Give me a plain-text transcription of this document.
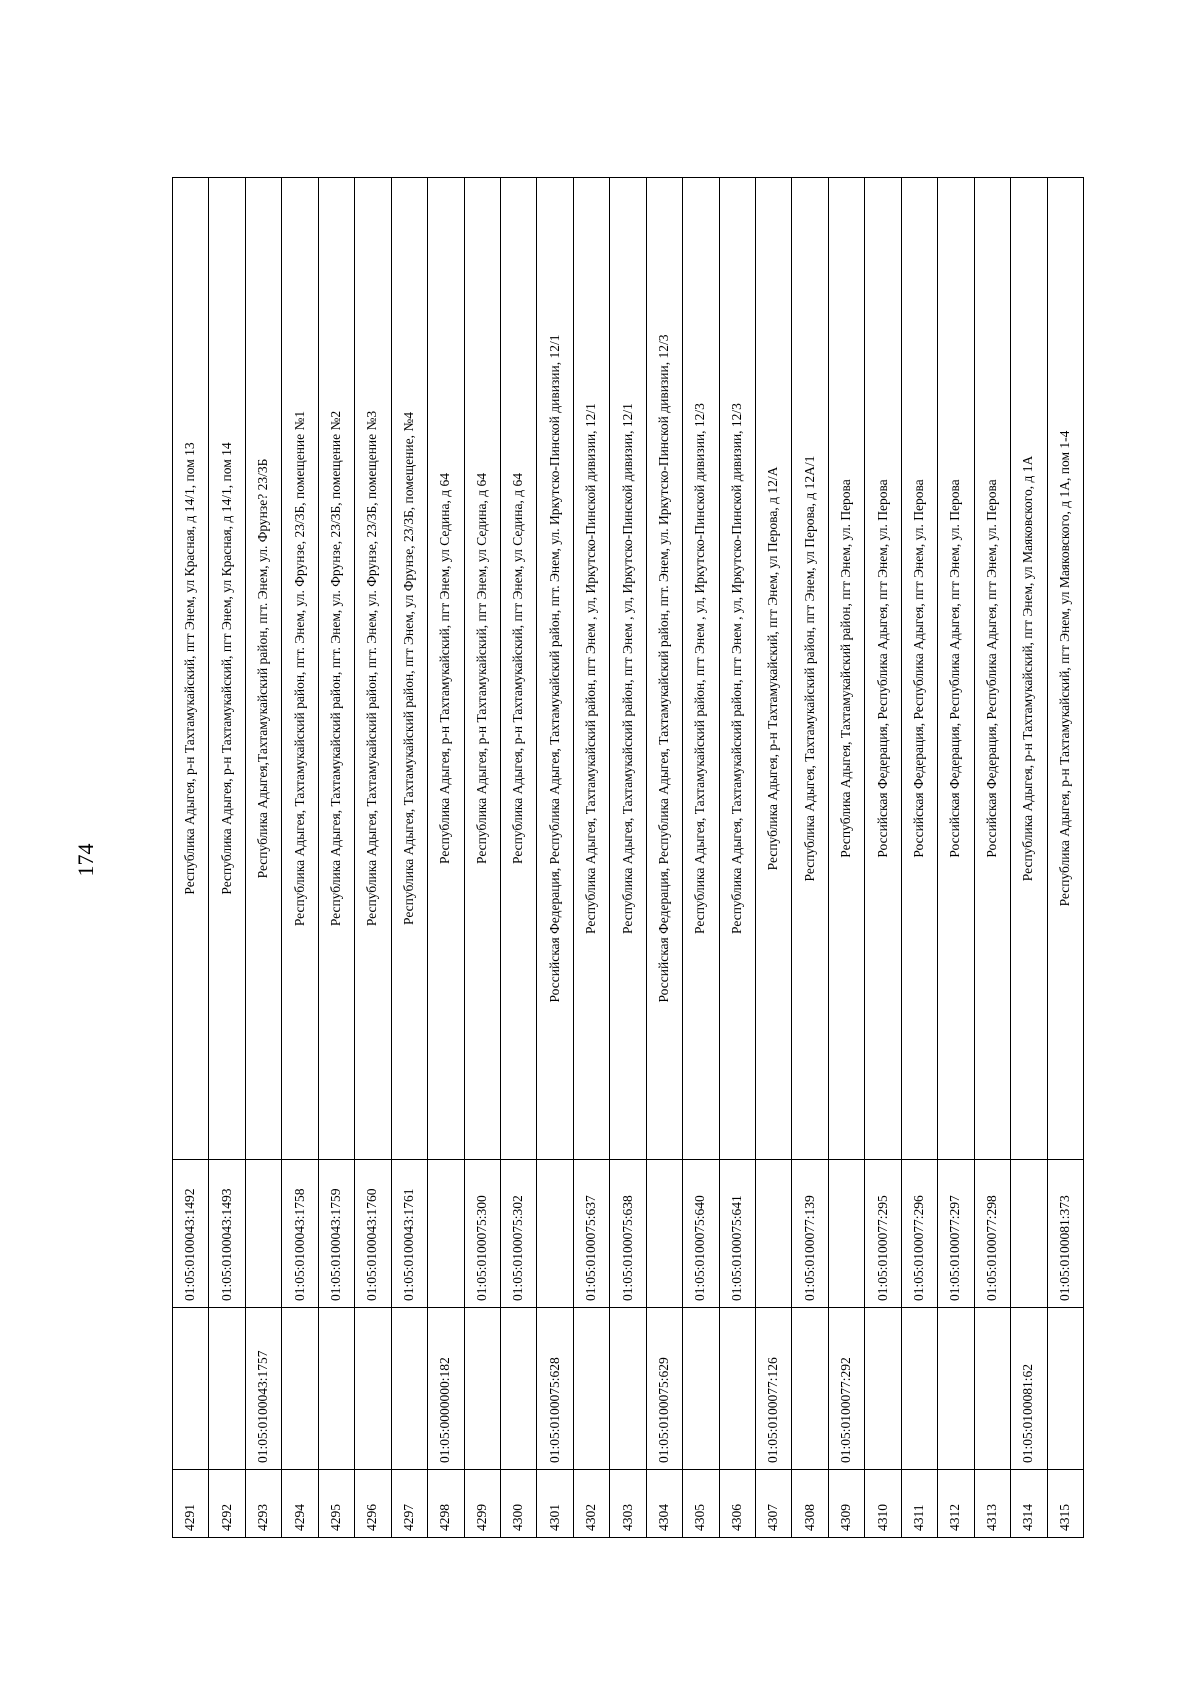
174
4291		01:05:0100043:1492	Республика Адыгея, р-н Тахтамукайский, пгт Энем, ул Красная, д 14/1, пом 13
4292		01:05:0100043:1493	Республика Адыгея, р-н Тахтамукайский, пгт Энем, ул Красная, д 14/1, пом 14
4293	01:05:0100043:1757		Республика Адыгея,Тахтамукайский район, пгт. Энем, ул. Фрунзе? 23/3Б
4294		01:05:0100043:1758	Республика Адыгея, Тахтамукайский район, пгт. Энем, ул. Фрунзе, 23/3Б, помещение №1
4295		01:05:0100043:1759	Республика Адыгея, Тахтамукайский район, пгт. Энем, ул. Фрунзе, 23/3Б, помещение №2
4296		01:05:0100043:1760	Республика Адыгея, Тахтамукайский район, пгт. Энем, ул. Фрунзе, 23/3Б, помещение №3
4297		01:05:0100043:1761	Республика Адыгея, Тахтамукайский район, пгт Энем, ул Фрунзе, 23/3Б, помещение, №4
4298	01:05:0000000:182		Республика Адыгея, р-н Тахтамукайский, пгт Энем, ул Седина, д 64
4299		01:05:0100075:300	Республика Адыгея, р-н Тахтамукайский, пгт Энем, ул Седина, д 64
4300		01:05:0100075:302	Республика Адыгея, р-н Тахтамукайский, пгт Энем, ул Седина, д 64
4301	01:05:0100075:628		Российская Федерация, Республика Адыгея, Тахтамукайский район, пгт. Энем, ул. Иркутско-Пинской дивизии, 12/1
4302		01:05:0100075:637	Республика Адыгея, Тахтамукайский район, пгт Энем , ул, Иркутско-Пинской дивизии, 12/1
4303		01:05:0100075:638	Республика Адыгея, Тахтамукайский район, пгт Энем , ул, Иркутско-Пинской дивизии, 12/1
4304	01:05:0100075:629		Российская Федерация, Республика Адыгея, Тахтамукайский район, пгт. Энем, ул. Иркутско-Пинской дивизии, 12/3
4305		01:05:0100075:640	Республика Адыгея, Тахтамукайский район, пгт Энем , ул, Иркутско-Пинской дивизии, 12/3
4306		01:05:0100075:641	Республика Адыгея, Тахтамукайский район, пгт Энем , ул, Иркутско-Пинской дивизии, 12/3
4307	01:05:0100077:126		Республика Адыгея, р-н Тахтамукайский, пгт Энем, ул Перова, д 12/А
4308		01:05:0100077:139	Республика Адыгея, Тахтамукайский район, пгт Энем, ул Перова, д 12А/1
4309	01:05:0100077:292		Республика Адыгея, Тахтамукайский район, пгт Энем, ул. Перова
4310		01:05:0100077:295	Российская Федерация, Республика Адыгея, пгт Энем, ул. Перова
4311		01:05:0100077:296	Российская Федерация, Республика Адыгея, пгт Энем, ул. Перова
4312		01:05:0100077:297	Российская Федерация, Республика Адыгея, пгт Энем, ул. Перова
4313		01:05:0100077:298	Российская Федерация, Республика Адыгея, пгт Энем, ул. Перова
4314	01:05:0100081:62		Республика Адыгея, р-н Тахтамукайский, пгт Энем, ул Маяковского, д 1А
4315		01:05:0100081:373	Республика Адыгея, р-н Тахтамукайский, пгт Энем, ул Маяковского, д 1А, пом 1-4
